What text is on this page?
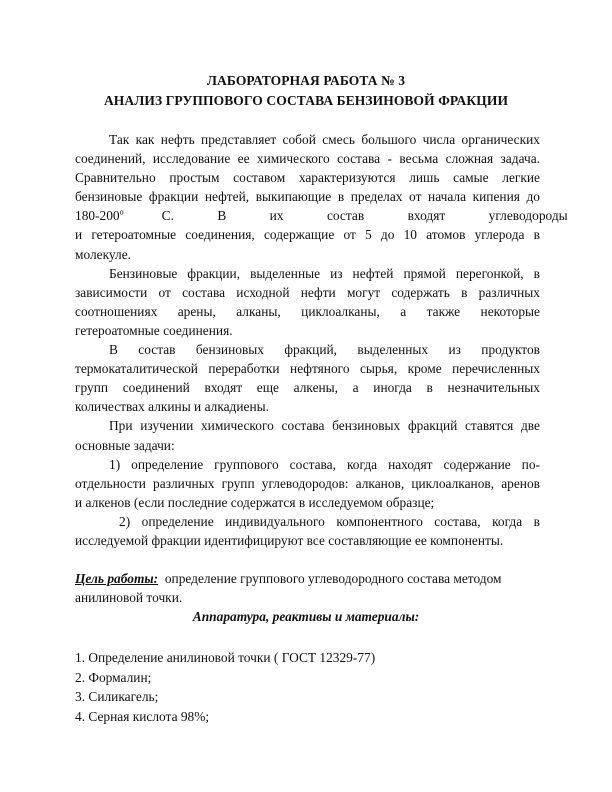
ЛАБОРАТОРНАЯ РАБОТА № 3
АНАЛИЗ ГРУППОВОГО СОСТАВА БЕНЗИНОВОЙ ФРАКЦИИ
Так как нефть представляет собой смесь большого числа органических
соединений, исследование ее химического состава - весьма сложная задача.
Сравнительно простым составом характеризуются лишь самые легкие
бензиновые фракции нефтей, выкипающие в пределах от начала кипения до
$180-200^о$	С. В их состав входят углеводороды
и гетероатомные соединения, содержащие от 5 до 10 атомов углерода в
молекуле.
Бензиновые фракции, выделенные из нефтей прямой перегонкой, в
зависимости от состава исходной нефти могут содержать в различных
соотношениях арены, алканы, циклоалканы, а также некоторые
гетероатомные соединения.
В состав бензиновых фракций, выделенных из продуктов
термокаталитической переработки нефтяного сырья, кроме перечисленных
групп соединений входят еще алкены, а иногда в незначительных
количествах алкины и алкадиены.
При изучении химического состава бензиновых фракций ставятся две
основные задачи:
1) определение группового состава, когда находят содержание по-
отдельности различных групп углеводородов: алканов, циклоалканов, аренов
и алкенов (если последние содержатся в исследуемом образце;
2) определение индивидуального компонентного состава, когда в
исследуемой фракции идентифицируют все составляющие ее компоненты.
Цель работы: определение группового углеводородного состава методом
анилиновой точки.
Аппаратура, реактивы и материалы:
1. Определение анилиновой точки ( ГОСТ 12329-77)
2. Формалин;
3. Силикагель;
4. Серная кислота 98%;
